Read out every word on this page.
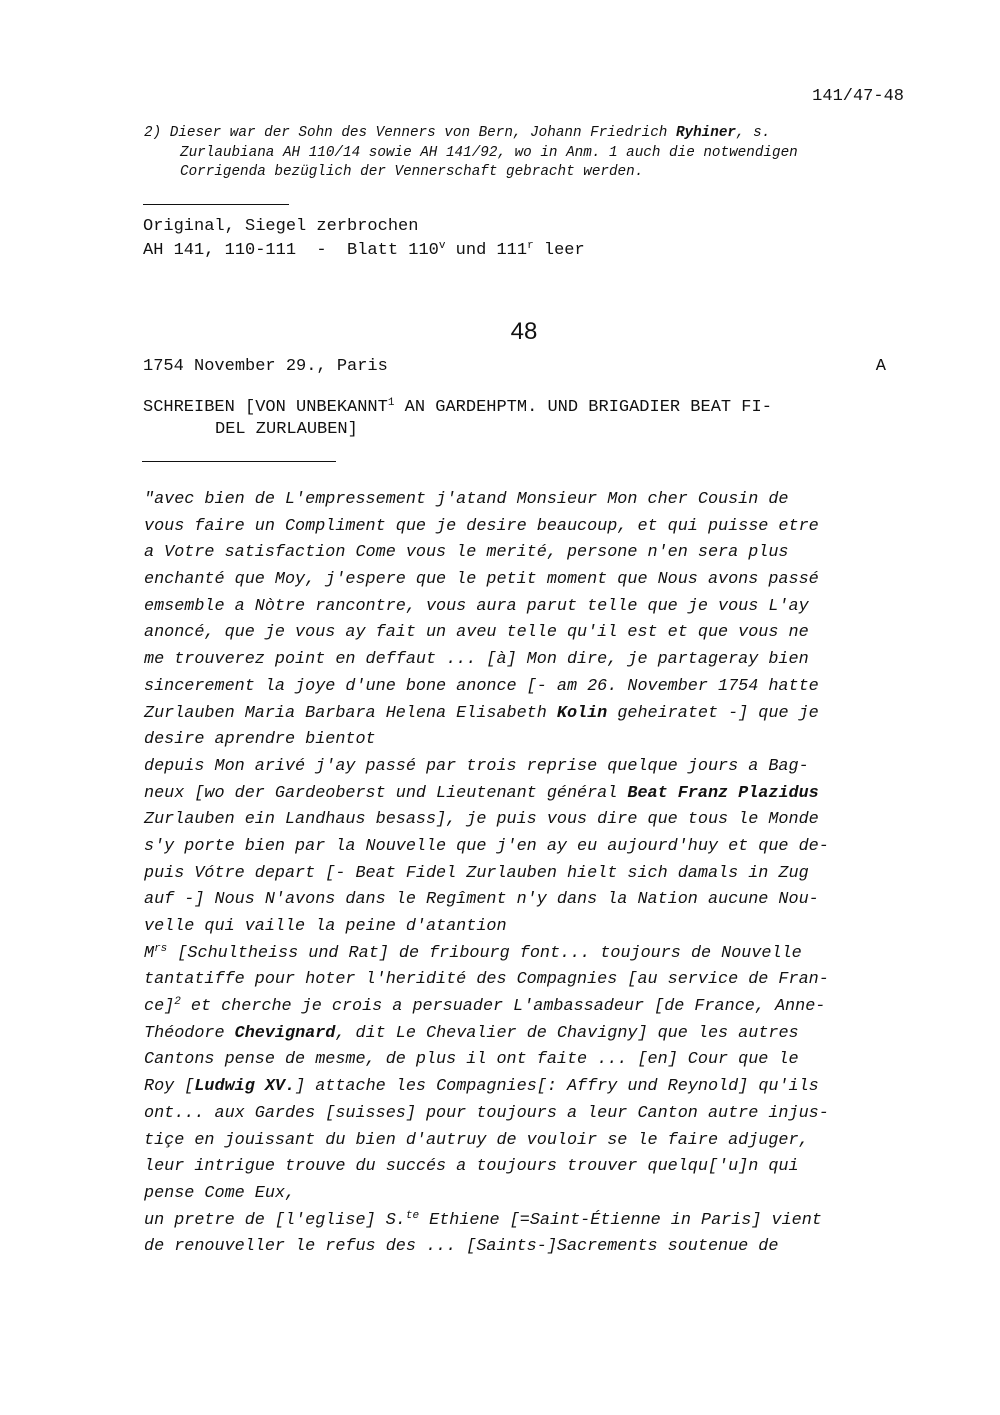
141/47-48
2) Dieser war der Sohn des Venners von Bern, Johann Friedrich Ryhiner, s.
Zurlaubiana AH 110/14 sowie AH 141/92, wo in Anm. 1 auch die notwendigen
Corrigenda bezüglich der Vennerschaft gebracht werden.
Original, Siegel zerbrochen
AH 141, 110-111  -  Blatt 110$^v$ und 111$^r$ leer
48
1754 November 29., Paris	A
SCHREIBEN [VON UNBEKANNT$^1$ AN GARDEHPTM. UND BRIGADIER BEAT FI-
DEL ZURLAUBEN]
"avec bien de L'empressement j'atand Monsieur Mon cher Cousin de
vous faire un Compliment que je desire beaucoup, et qui puisse etre
a Votre satisfaction Come vous le merité, persone n'en sera plus
enchanté que Moy, j'espere que le petit moment que Nous avons passé
emsemble a Nòtre rancontre, vous aura parut telle que je vous L'ay
anoncé, que je vous ay fait un aveu telle qu'il est et que vous ne
me trouverez point en deffaut ... [à] Mon dire, je partageray bien
sincerement la joye d'une bone anonce [- am 26. November 1754 hatte
Zurlauben Maria Barbara Helena Elisabeth Kolin geheiratet -] que je
desire aprendre bientot
depuis Mon arivé j'ay passé par trois reprise quelque jours a Bag-
neux [wo der Gardeoberst und Lieutenant général Beat Franz Plazidus
Zurlauben ein Landhaus besass], je puis vous dire que tous le Monde
s'y porte bien par la Nouvelle que j'en ay eu aujourd'huy et que de-
puis Vótre depart [- Beat Fidel Zurlauben hielt sich damals in Zug
auf -] Nous N'avons dans le Regîment n'y dans la Nation aucune Nou-
velle qui vaille la peine d'atantion
$M^{rs}$ [Schultheiss und Rat] de fribourg font... toujours de Nouvelle
tantatiffe pour hoter l'heridité des Compagnies [au service de Fran-
ce]$^2$ et cherche je crois a persuader L'ambassadeur [de France, Anne-
Théodore Chevignard, dit Le Chevalier de Chavigny] que les autres
Cantons pense de mesme, de plus il ont faite ... [en] Cour que le
Roy [Ludwig XV.] attache les Compagnies[: Affry und Reynold] qu'ils
ont... aux Gardes [suisses] pour toujours a leur Canton autre injus-
tiçe en jouissant du bien d'autruy de vouloir se le faire adjuger,
leur intrigue trouve du succés a toujours trouver quelqu['u]n qui
pense Come Eux,
un pretre de [l'eglise] S.$^{te}$ Ethiene [=Saint-Étienne in Paris] vient
de renouveller le refus des ... [Saints-]Sacrements soutenue de
